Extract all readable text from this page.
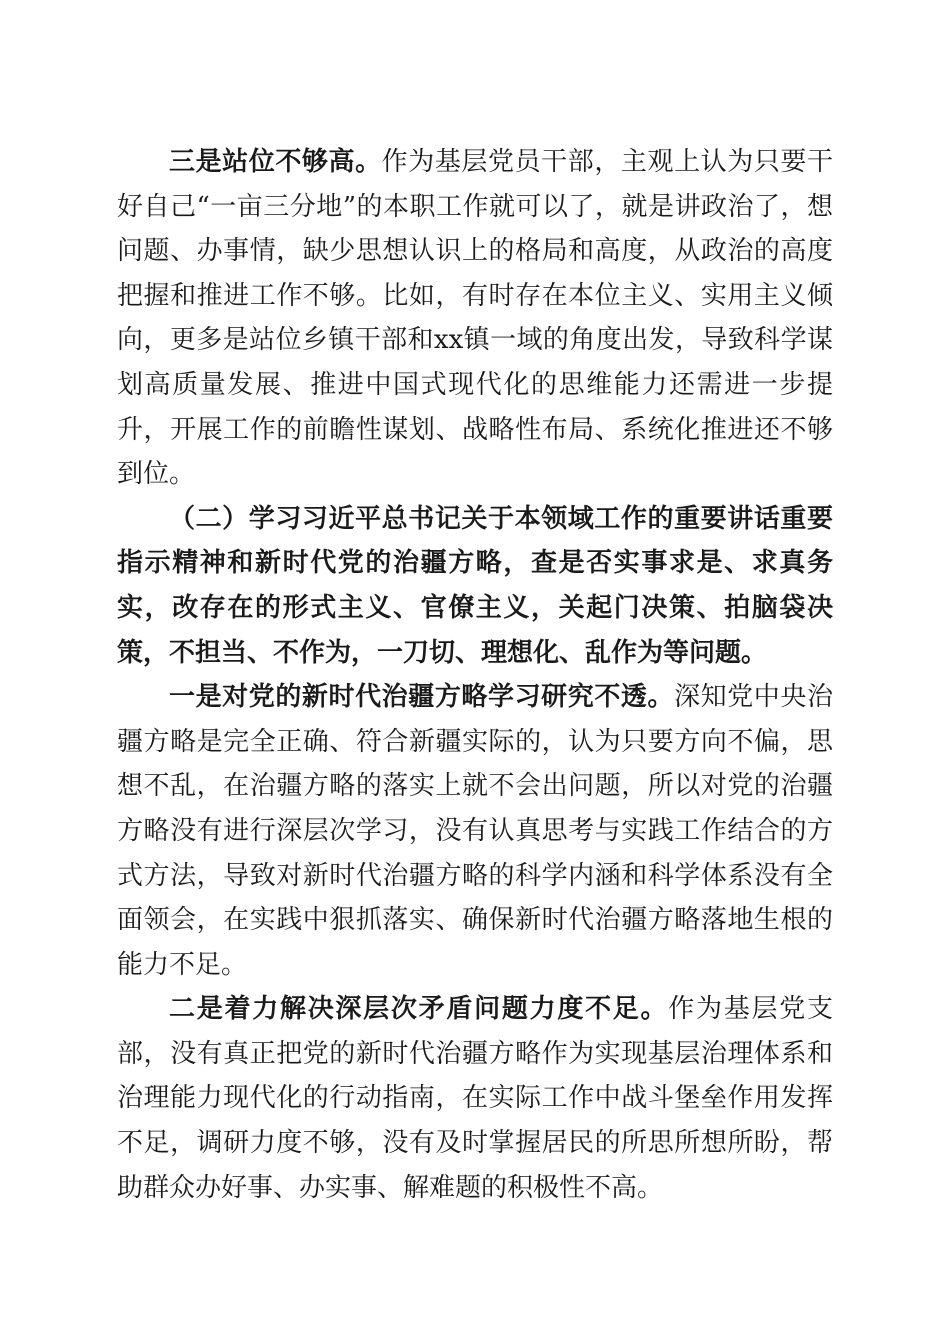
三是站位不够高。作为基层党员干部，主观上认为只要干好自己“一亩三分地”的本职工作就可以了，就是讲政治了，想问题、办事情，缺少思想认识上的格局和高度，从政治的高度把握和推进工作不够。比如，有时存在本位主义、实用主义倾向，更多是站位乡镇干部和xx镇一域的角度出发，导致科学谋划高质量发展、推进中国式现代化的思维能力还需进一步提升，开展工作的前瞻性谋划、战略性布局、系统化推进还不够到位。

（二）学习习近平总书记关于本领域工作的重要讲话重要指示精神和新时代党的治疆方略，查是否实事求是、求真务实，改存在的形式主义、官僚主义，关起门决策、拍脑袋决策，不担当、不作为，一刀切、理想化、乱作为等问题。

一是对党的新时代治疆方略学习研究不透。深知党中央治疆方略是完全正确、符合新疆实际的，认为只要方向不偏，思想不乱，在治疆方略的落实上就不会出问题，所以对党的治疆方略没有进行深层次学习，没有认真思考与实践工作结合的方式方法，导致对新时代治疆方略的科学内涵和科学体系没有全面领会，在实践中狠抓落实、确保新时代治疆方略落地生根的能力不足。

二是着力解决深层次矛盾问题力度不足。作为基层党支部，没有真正把党的新时代治疆方略作为实现基层治理体系和治理能力现代化的行动指南，在实际工作中战斗堡垒作用发挥不足，调研力度不够，没有及时掌握居民的所思所想所盼，帮助群众办好事、办实事、解难题的积极性不高。
